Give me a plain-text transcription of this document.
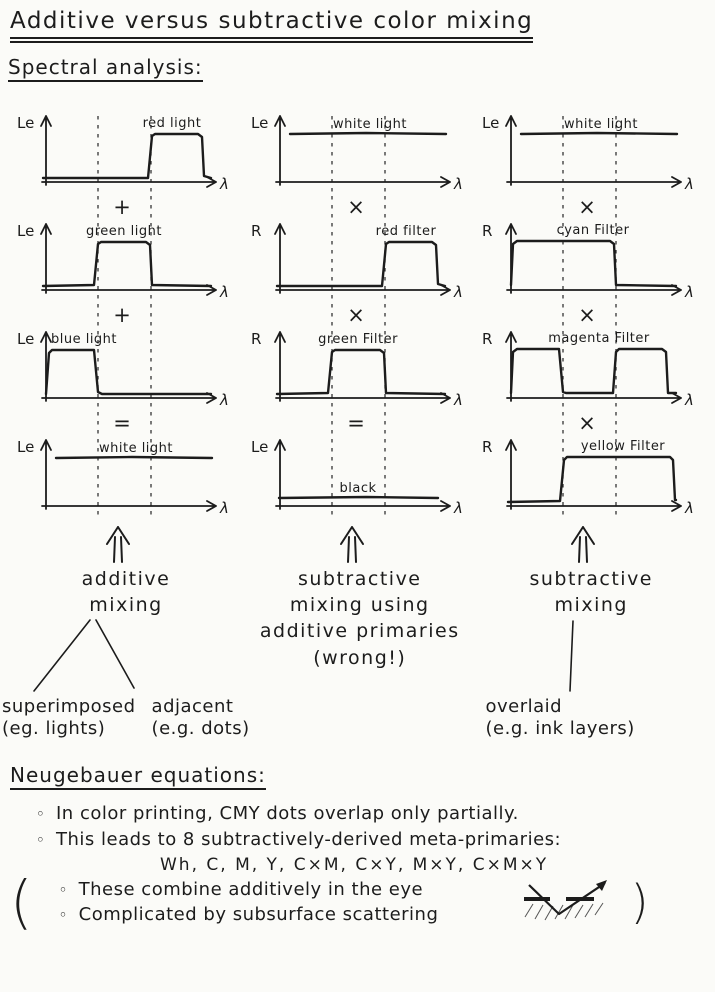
Additive versus subtractive color mixing
Spectral analysis:
Le
λ
red light
+
Le
λ
green light
+
Le
λ
blue light
=
Le
λ
white light
additive
mixing
superimposed
(eg. lights)
adjacent
(e.g. dots)
Le
λ
white light
×
R
λ
red filter
×
R
λ
green Filter
=
Le
λ
black
subtractive
mixing using
additive primaries
(wrong!)
Le
λ
white light
×
R
λ
cyan Filter
×
R
λ
magenta Filter
×
R
λ
yellow Filter
subtractive
mixing
overlaid
(e.g. ink layers)
Neugebauer equations:
◦ In color printing, CMY dots overlap only partially.
◦ This leads to 8 subtractively-derived meta-primaries:
Wh, C, M, Y, C×M, C×Y, M×Y, C×M×Y
( ◦ These combine additively in the eye
◦ Complicated by subsurface scattering	)
